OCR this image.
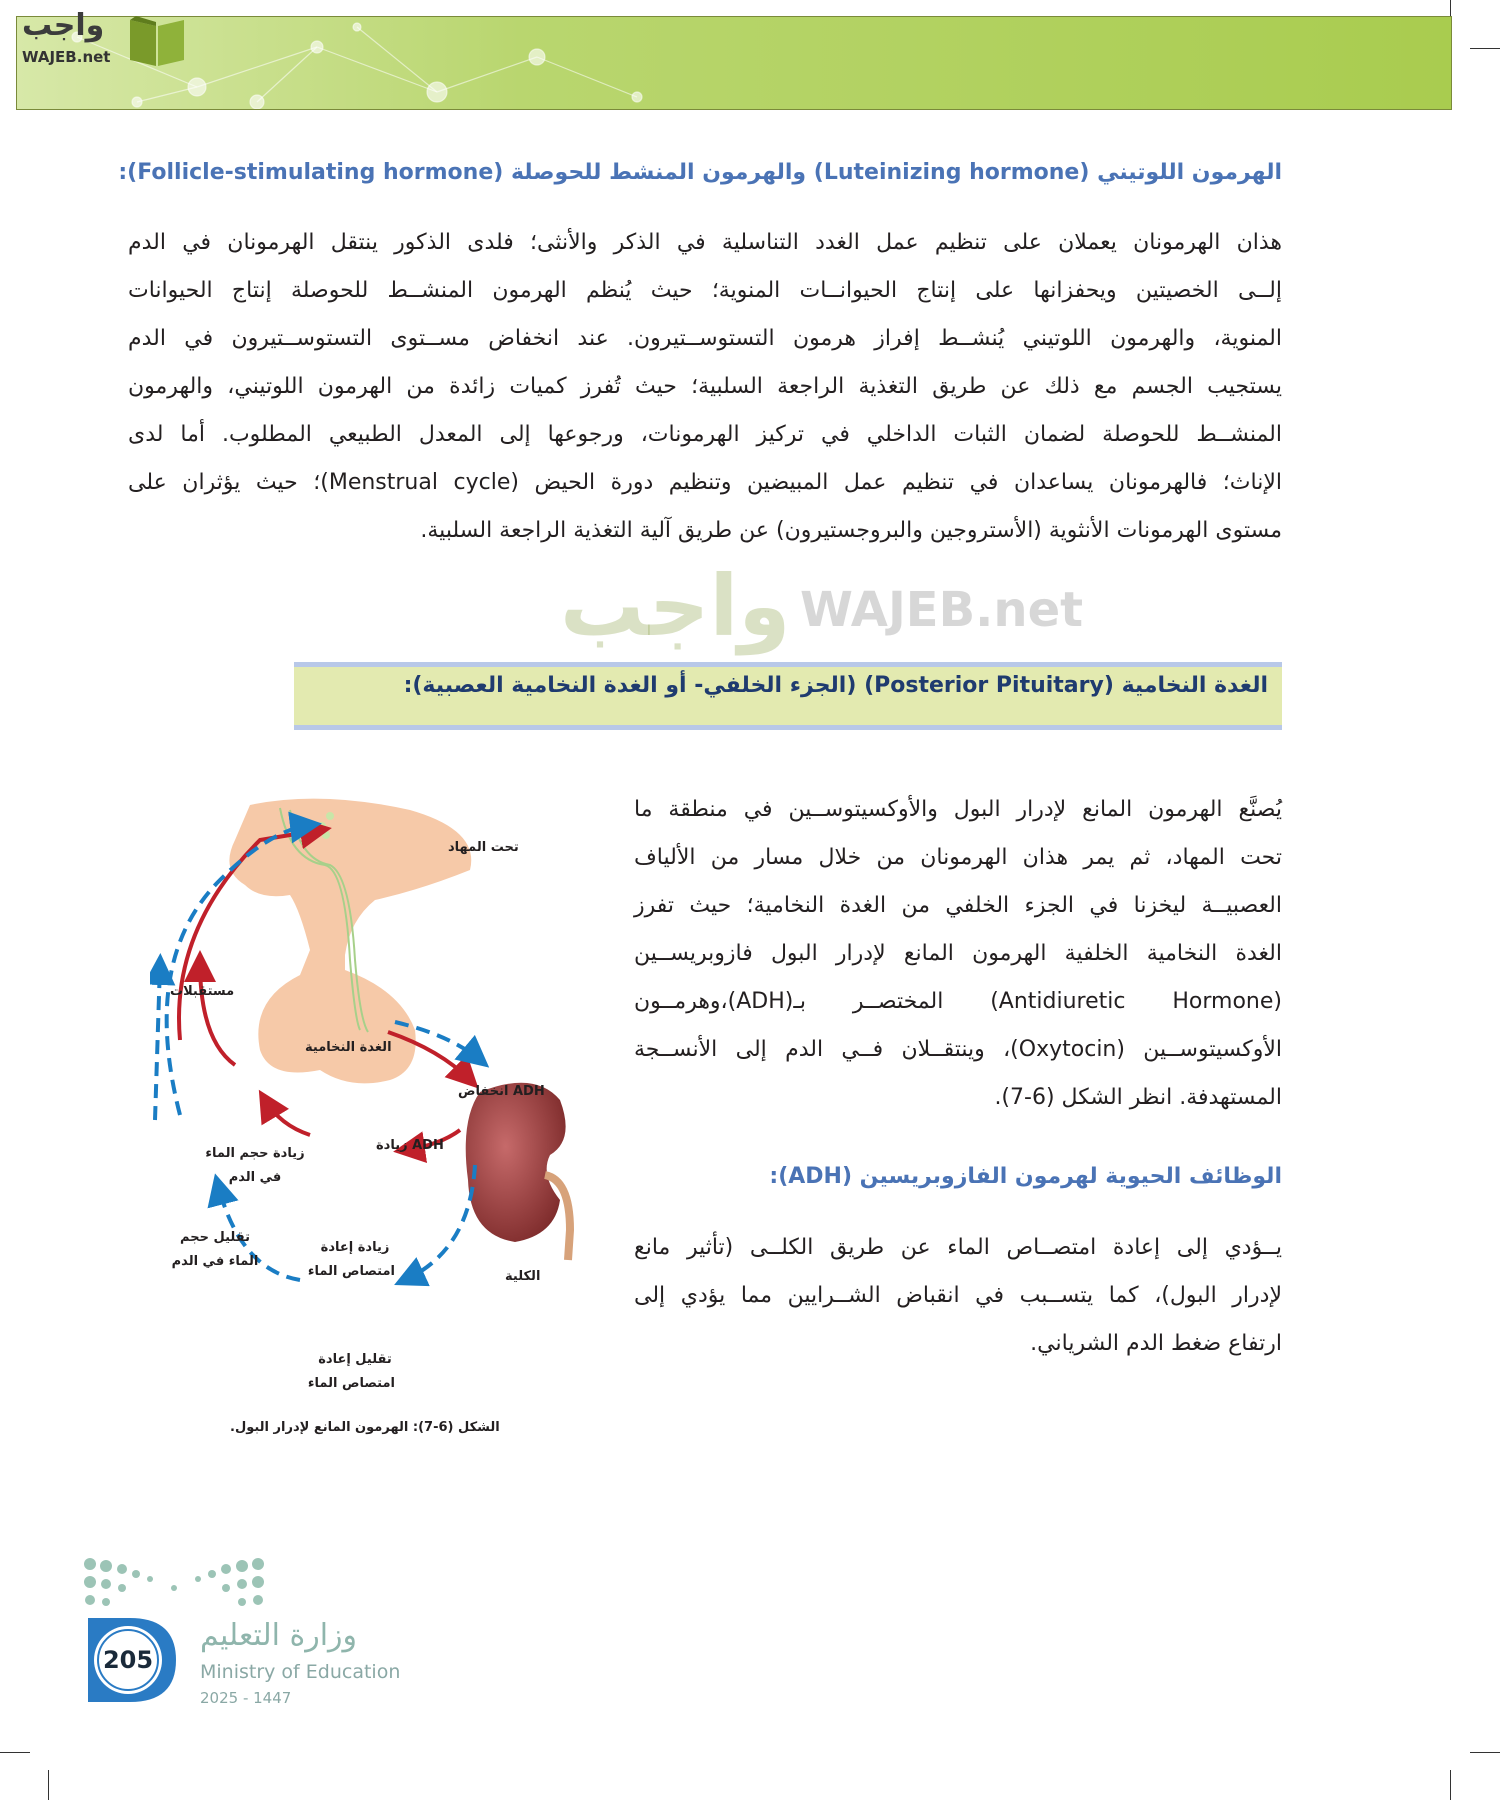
واجب
WAJEB.net
الهرمون اللوتيني (Luteinizing hormone) والهرمون المنشط للحوصلة (Follicle-stimulating hormone):
هذان الهرمونان يعملان على تنظيم عمل الغدد التناسلية في الذكر والأنثى؛ فلدى الذكور ينتقل الهرمونان في الدم
إلــى الخصيتين ويحفزانها على إنتاج الحيوانــات المنوية؛ حيث يُنظم الهرمون المنشــط للحوصلة إنتاج الحيوانات
المنوية، والهرمون اللوتيني يُنشــط إفراز هرمون التستوســتيرون. عند انخفاض مســتوى التستوســتيرون في الدم
يستجيب الجسم مع ذلك عن طريق التغذية الراجعة السلبية؛ حيث تُفرز كميات زائدة من الهرمون اللوتيني، والهرمون
المنشــط للحوصلة لضمان الثبات الداخلي في تركيز الهرمونات، ورجوعها إلى المعدل الطبيعي المطلوب. أما لدى
الإناث؛ فالهرمونان يساعدان في تنظيم عمل المبيضين وتنظيم دورة الحيض (Menstrual cycle)؛ حيث يؤثران على
مستوى الهرمونات الأنثوية (الأستروجين والبروجستيرون) عن طريق آلية التغذية الراجعة السلبية.
واجب WAJEB.net
الغدة النخامية (Posterior Pituitary) (الجزء الخلفي- أو الغدة النخامية العصبية):
يُصنَّع الهرمون المانع لإدرار البول والأوكسيتوســين في منطقة ما
تحت المهاد، ثم يمر هذان الهرمونان من خلال مسار من الألياف
العصبيــة ليخزنا في الجزء الخلفي من الغدة النخامية؛ حيث تفرز
الغدة النخامية الخلفية الهرمون المانع لإدرار البول فازوبريســين
(Antidiuretic Hormone) المختصــر بـ(ADH)،وهرمــون
الأوكسيتوســين (Oxytocin)، وينتقــلان فــي الدم إلى الأنســجة
المستهدفة. انظر الشكل (6-7).
الوظائف الحيوية لهرمون الفازوبريسين (ADH):
يــؤدي إلى إعادة امتصــاص الماء عن طريق الكلــى (تأثير مانع
لإدرار البول)، كما يتســبب في انقباض الشــرايين مما يؤدي إلى
ارتفاع ضغط الدم الشرياني.
تحت المهاد
مستقبلات
الغدة النخامية
ADH انخفاض
ADH زيادة
زيادة حجم الماء
في الدم
تقليل حجم
الماء في الدم
زيادة إعادة
امتصاص الماء	الكلية
تقليل إعادة
امتصاص الماء
الشكل (6-7): الهرمون المانع لإدرار البول.
205
وزارة التعليم
Ministry of Education
2025 - 1447
